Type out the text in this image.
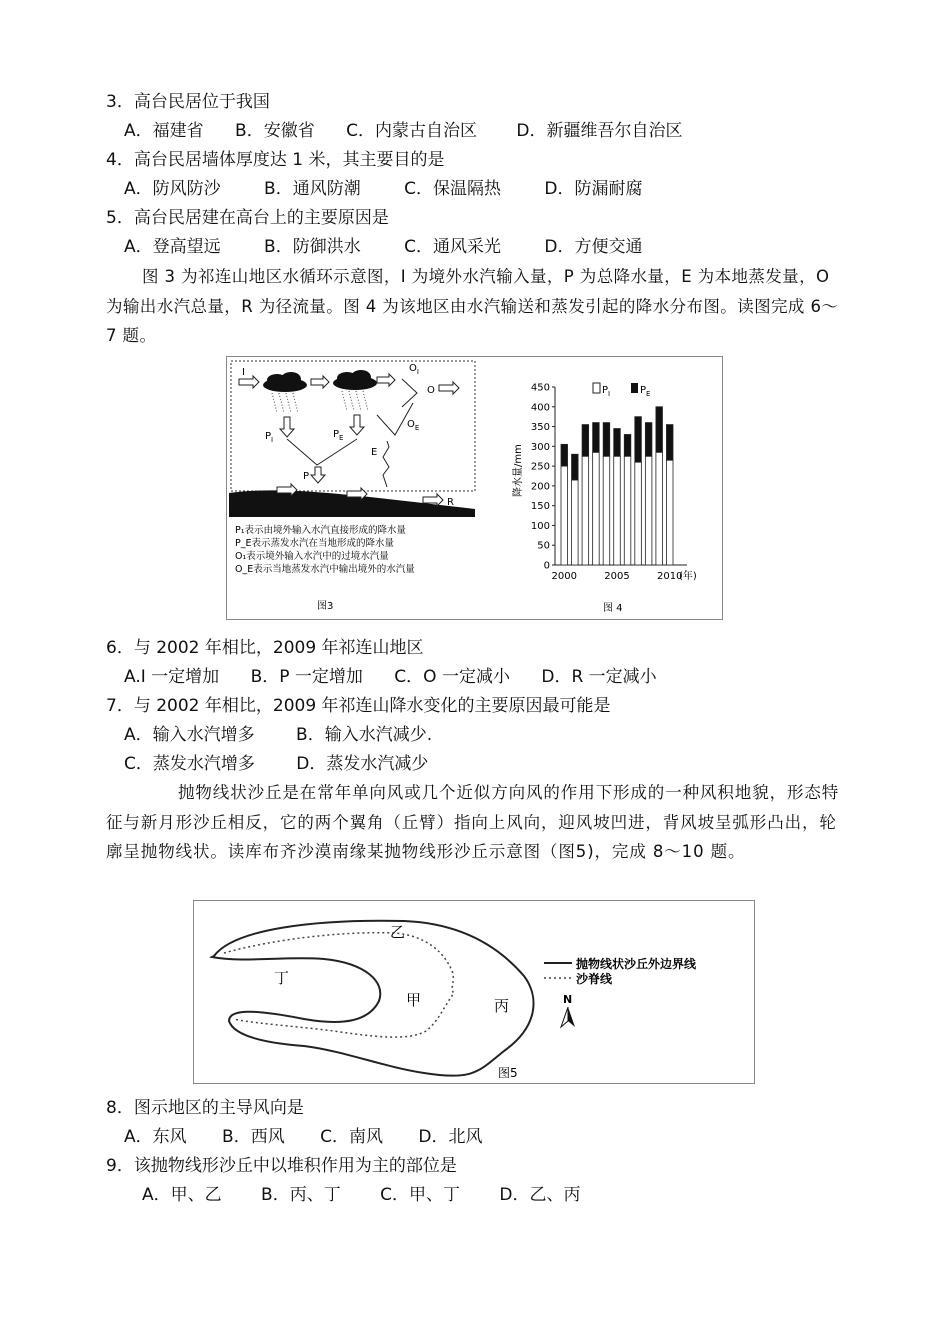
3．高台民居位于我国
A．福建省 B．安徽省 C．内蒙古自治区 D．新疆维吾尔自治区
4．高台民居墙体厚度达 1 米，其主要目的是
A．防风防沙	B．通风防潮	C．保温隔热	D．防漏耐腐
5．高台民居建在高台上的主要原因是
A．登高望远	B．防御洪水	C．通风采光	D．方便交通
图 3 为祁连山地区水循环示意图，I 为境外水汽输入量，P 为总降水量，E 为本地蒸发量，O 为输出水汽总量，R 为径流量。图 4 为该地区由水汽输送和蒸发引起的降水分布图。读图完成 6～7 题。
I
$P_I$	$P_E$
P
$O_I$
O
$O_E$
E
R
P₁表示由境外输入水汽直接形成的降水量
P_E表示蒸发水汽在当地形成的降水量
O₁表示境外输入水汽中的过境水汽量
O_E表示当地蒸发水汽中输出境外的水汽量
图3
0
50
100
150
200
250
300
350
400
450
2000	2005	2010
(年)
降水量/mm
$P_I$	$P_E$
图 4
6．与 2002 年相比，2009 年祁连山地区
A.I 一定增加 B．P 一定增加 C．O 一定减小 D．R 一定减小
7．与 2002 年相比，2009 年祁连山降水变化的主要原因最可能是
A．输入水汽增多 B．输入水汽减少.
C．蒸发水汽增多 D．蒸发水汽减少
抛物线状沙丘是在常年单向风或几个近似方向风的作用下形成的一种风积地貌，形态特征与新月形沙丘相反，它的两个翼角（丘臂）指向上风向，迎风坡凹进，背风坡呈弧形凸出，轮廓呈抛物线状。读库布齐沙漠南缘某抛物线形沙丘示意图（图5)，完成 8～10 题。
乙
丁
甲	丙	N
抛物线状沙丘外边界线
沙脊线
图5
8．图示地区的主导风向是
A．东风 B．西风 C．南风 D．北风
9．该抛物线形沙丘中以堆积作用为主的部位是
A．甲、乙 B．丙、丁 C．甲、丁 D．乙、丙
